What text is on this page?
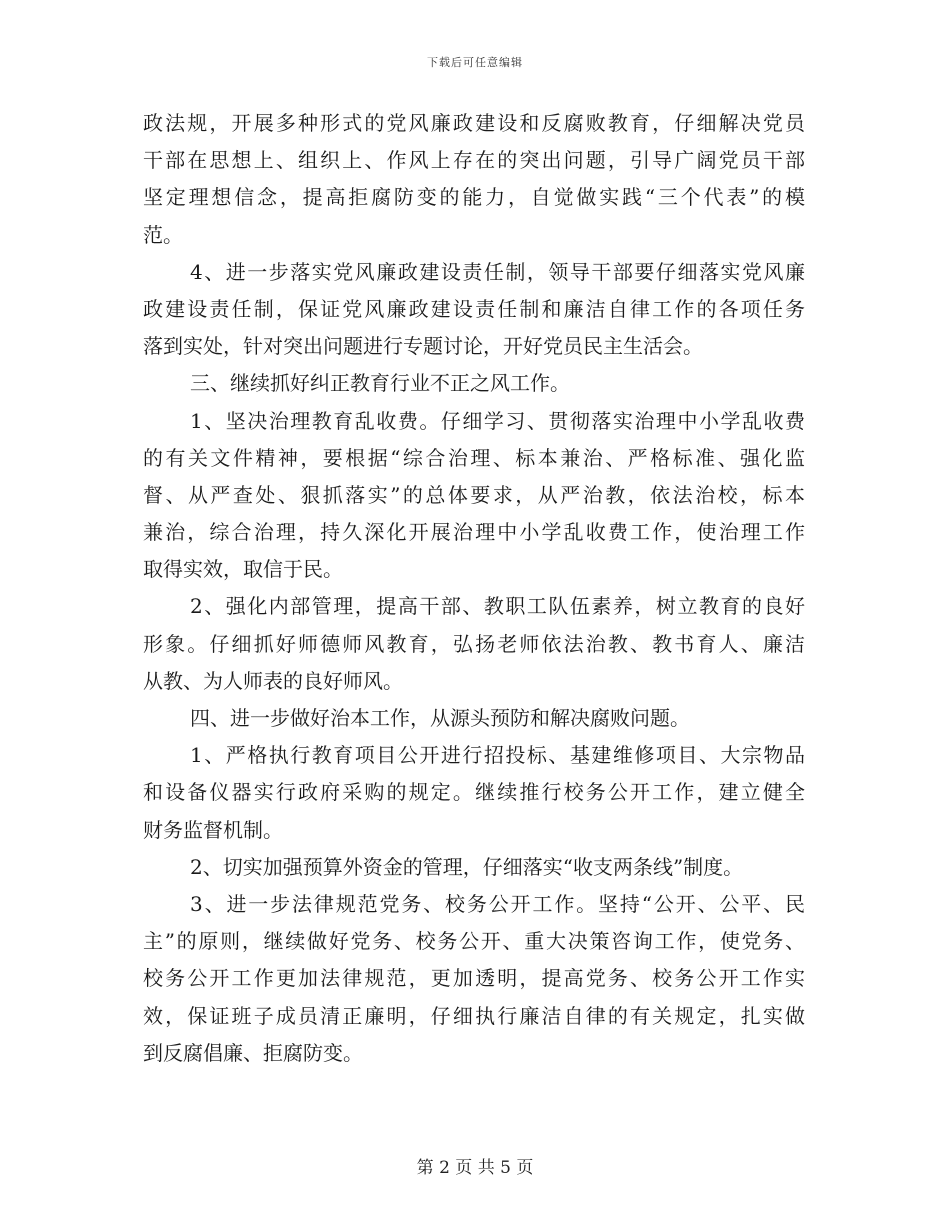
下载后可任意编辑
政法规，开展多种形式的党风廉政建设和反腐败教育，仔细解决党员
干部在思想上、组织上、作风上存在的突出问题，引导广阔党员干部
坚定理想信念，提高拒腐防变的能力，自觉做实践“三个代表”的模
范。
4、进一步落实党风廉政建设责任制，领导干部要仔细落实党风廉
政建设责任制，保证党风廉政建设责任制和廉洁自律工作的各项任务
落到实处，针对突出问题进行专题讨论，开好党员民主生活会。
三、继续抓好纠正教育行业不正之风工作。
1、坚决治理教育乱收费。仔细学习、贯彻落实治理中小学乱收费
的有关文件精神，要根据“综合治理、标本兼治、严格标准、强化监
督、从严查处、狠抓落实”的总体要求，从严治教，依法治校，标本
兼治，综合治理，持久深化开展治理中小学乱收费工作，使治理工作
取得实效，取信于民。
2、强化内部管理，提高干部、教职工队伍素养，树立教育的良好
形象。仔细抓好师德师风教育，弘扬老师依法治教、教书育人、廉洁
从教、为人师表的良好师风。
四、进一步做好治本工作，从源头预防和解决腐败问题。
1、严格执行教育项目公开进行招投标、基建维修项目、大宗物品
和设备仪器实行政府采购的规定。继续推行校务公开工作，建立健全
财务监督机制。
2、切实加强预算外资金的管理，仔细落实“收支两条线”制度。
3、进一步法律规范党务、校务公开工作。坚持“公开、公平、民
主”的原则，继续做好党务、校务公开、重大决策咨询工作，使党务、
校务公开工作更加法律规范，更加透明，提高党务、校务公开工作实
效，保证班子成员清正廉明，仔细执行廉洁自律的有关规定，扎实做
到反腐倡廉、拒腐防变。
第 2 页 共 5 页
